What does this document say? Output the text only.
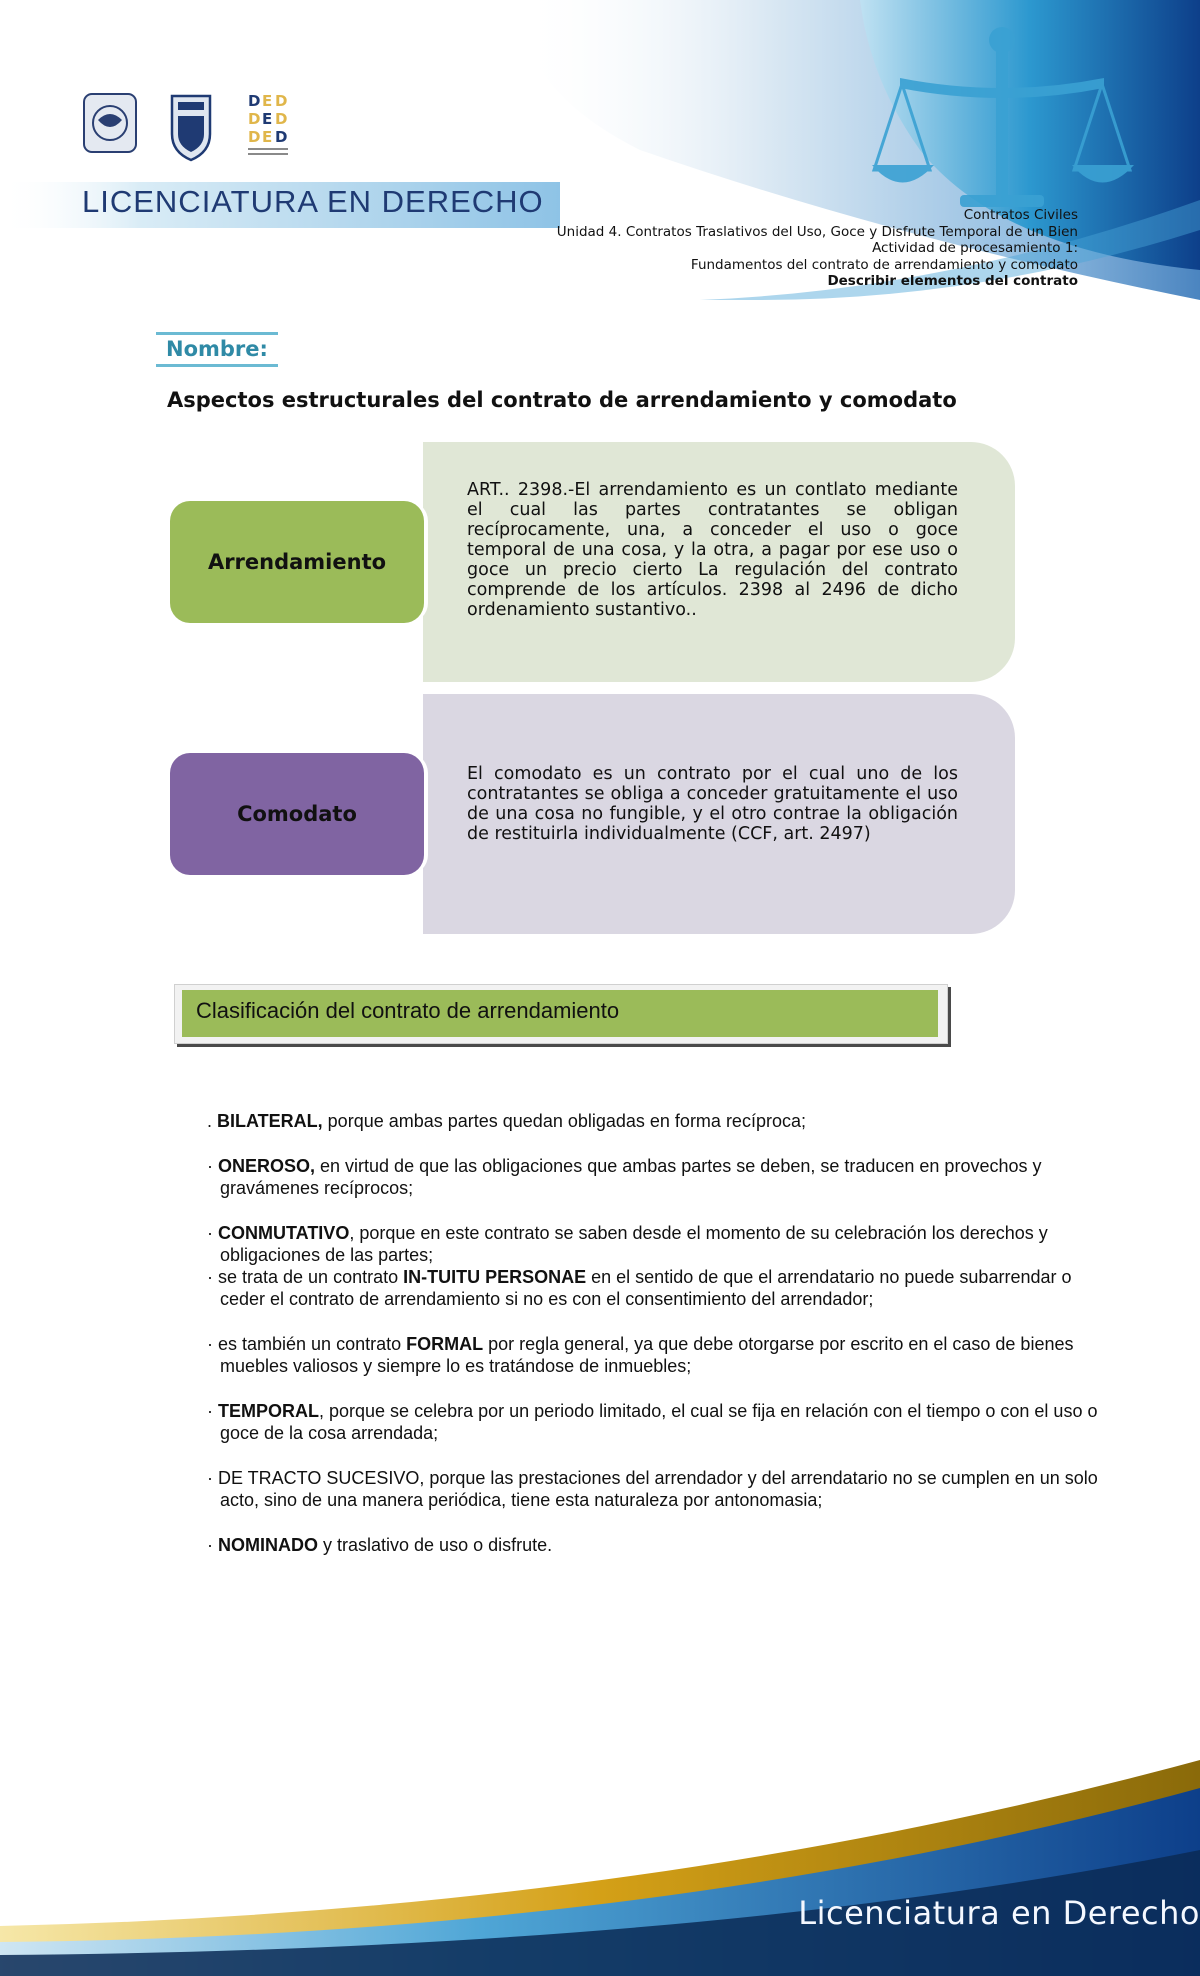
D E D
D E D
D E D
LICENCIATURA EN DERECHO	Contratos Civiles
Unidad 4. Contratos Traslativos del Uso, Goce y Disfrute Temporal de un Bien
Actividad de procesamiento 1:
Fundamentos del contrato de arrendamiento y comodato
Describir elementos del contrato
Nombre:
Aspectos estructurales del contrato de arrendamiento y comodato

ART.. 2398.-El arrendamiento es un contlato mediante el cual las partes contratantes se obligan recíprocamente, una, a conceder el uso o goce temporal de una cosa, y la otra, a pagar por ese uso o goce un precio cierto La regulación del contrato comprende de los artículos. 2398 al 2496 de dicho ordenamiento sustantivo..

Arrendamiento

El comodato es un contrato por el cual uno de los contratantes se obliga a conceder gratuitamente el uso de una cosa no fungible, y el otro contrae la obligación de restituirla individualmente (CCF, art. 2497)

Comodato
Clasificación del contrato de arrendamiento
. BILATERAL, porque ambas partes quedan obligadas en forma recíproca;
· ONEROSO, en virtud de que las obligaciones que ambas partes se deben, se traducen en provechos y gravámenes recíprocos;
· CONMUTATIVO, porque en este contrato se saben desde el momento de su celebración los derechos y obligaciones de las partes;
· se trata de un contrato IN-TUITU PERSONAE en el sentido de que el arrendatario no puede subarrendar o ceder el contrato de arrendamiento si no es con el consentimiento del arrendador;
· es también un contrato FORMAL por regla general, ya que debe otorgarse por escrito en el caso de bienes muebles valiosos y siempre lo es tratándose de inmuebles;
· TEMPORAL, porque se celebra por un periodo limitado, el cual se fija en relación con el tiempo o con el uso o goce de la cosa arrendada;
· DE TRACTO SUCESIVO, porque las prestaciones del arrendador y del arrendatario no se cumplen en un solo acto, sino de una manera periódica, tiene esta naturaleza por antonomasia;
· NOMINADO y traslativo de uso o disfrute.
Licenciatura en Derecho
